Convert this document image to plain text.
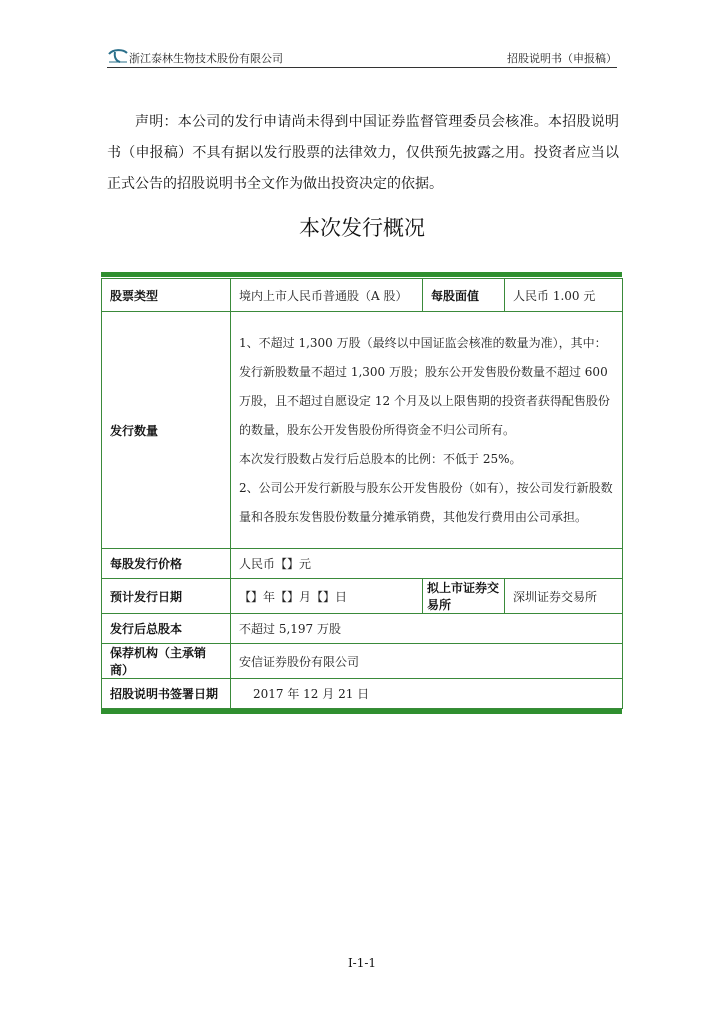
浙江泰林生物技术股份有限公司	招股说明书（申报稿）
声明：本公司的发行申请尚未得到中国证券监督管理委员会核准。本招股说明书（申报稿）不具有据以发行股票的法律效力，仅供预先披露之用。投资者应当以正式公告的招股说明书全文作为做出投资决定的依据。
本次发行概况
股票类型	境内上市人民币普通股（A 股）	每股面值	人民币 1.00 元
发行数量	1、不超过 1,300 万股（最终以中国证监会核准的数量为准），其中：发行新股数量不超过 1,300 万股；股东公开发售股份数量不超过 600 万股，且不超过自愿设定 12 个月及以上限售期的投资者获得配售股份的数量，股东公开发售股份所得资金不归公司所有。
本次发行股数占发行后总股本的比例：不低于 25%。
2、公司公开发行新股与股东公开发售股份（如有），按公司发行新股数量和各股东发售股份数量分摊承销费，其他发行费用由公司承担。		

每股发行价格	人民币【】元		
预计发行日期	【】年【】月【】日	拟上市证券交易所	深圳证券交易所
发行后总股本	不超过 5,197 万股		
保荐机构（主承销商）	安信证券股份有限公司		
招股说明书签署日期	2017 年 12 月 21 日		
I-1-1
